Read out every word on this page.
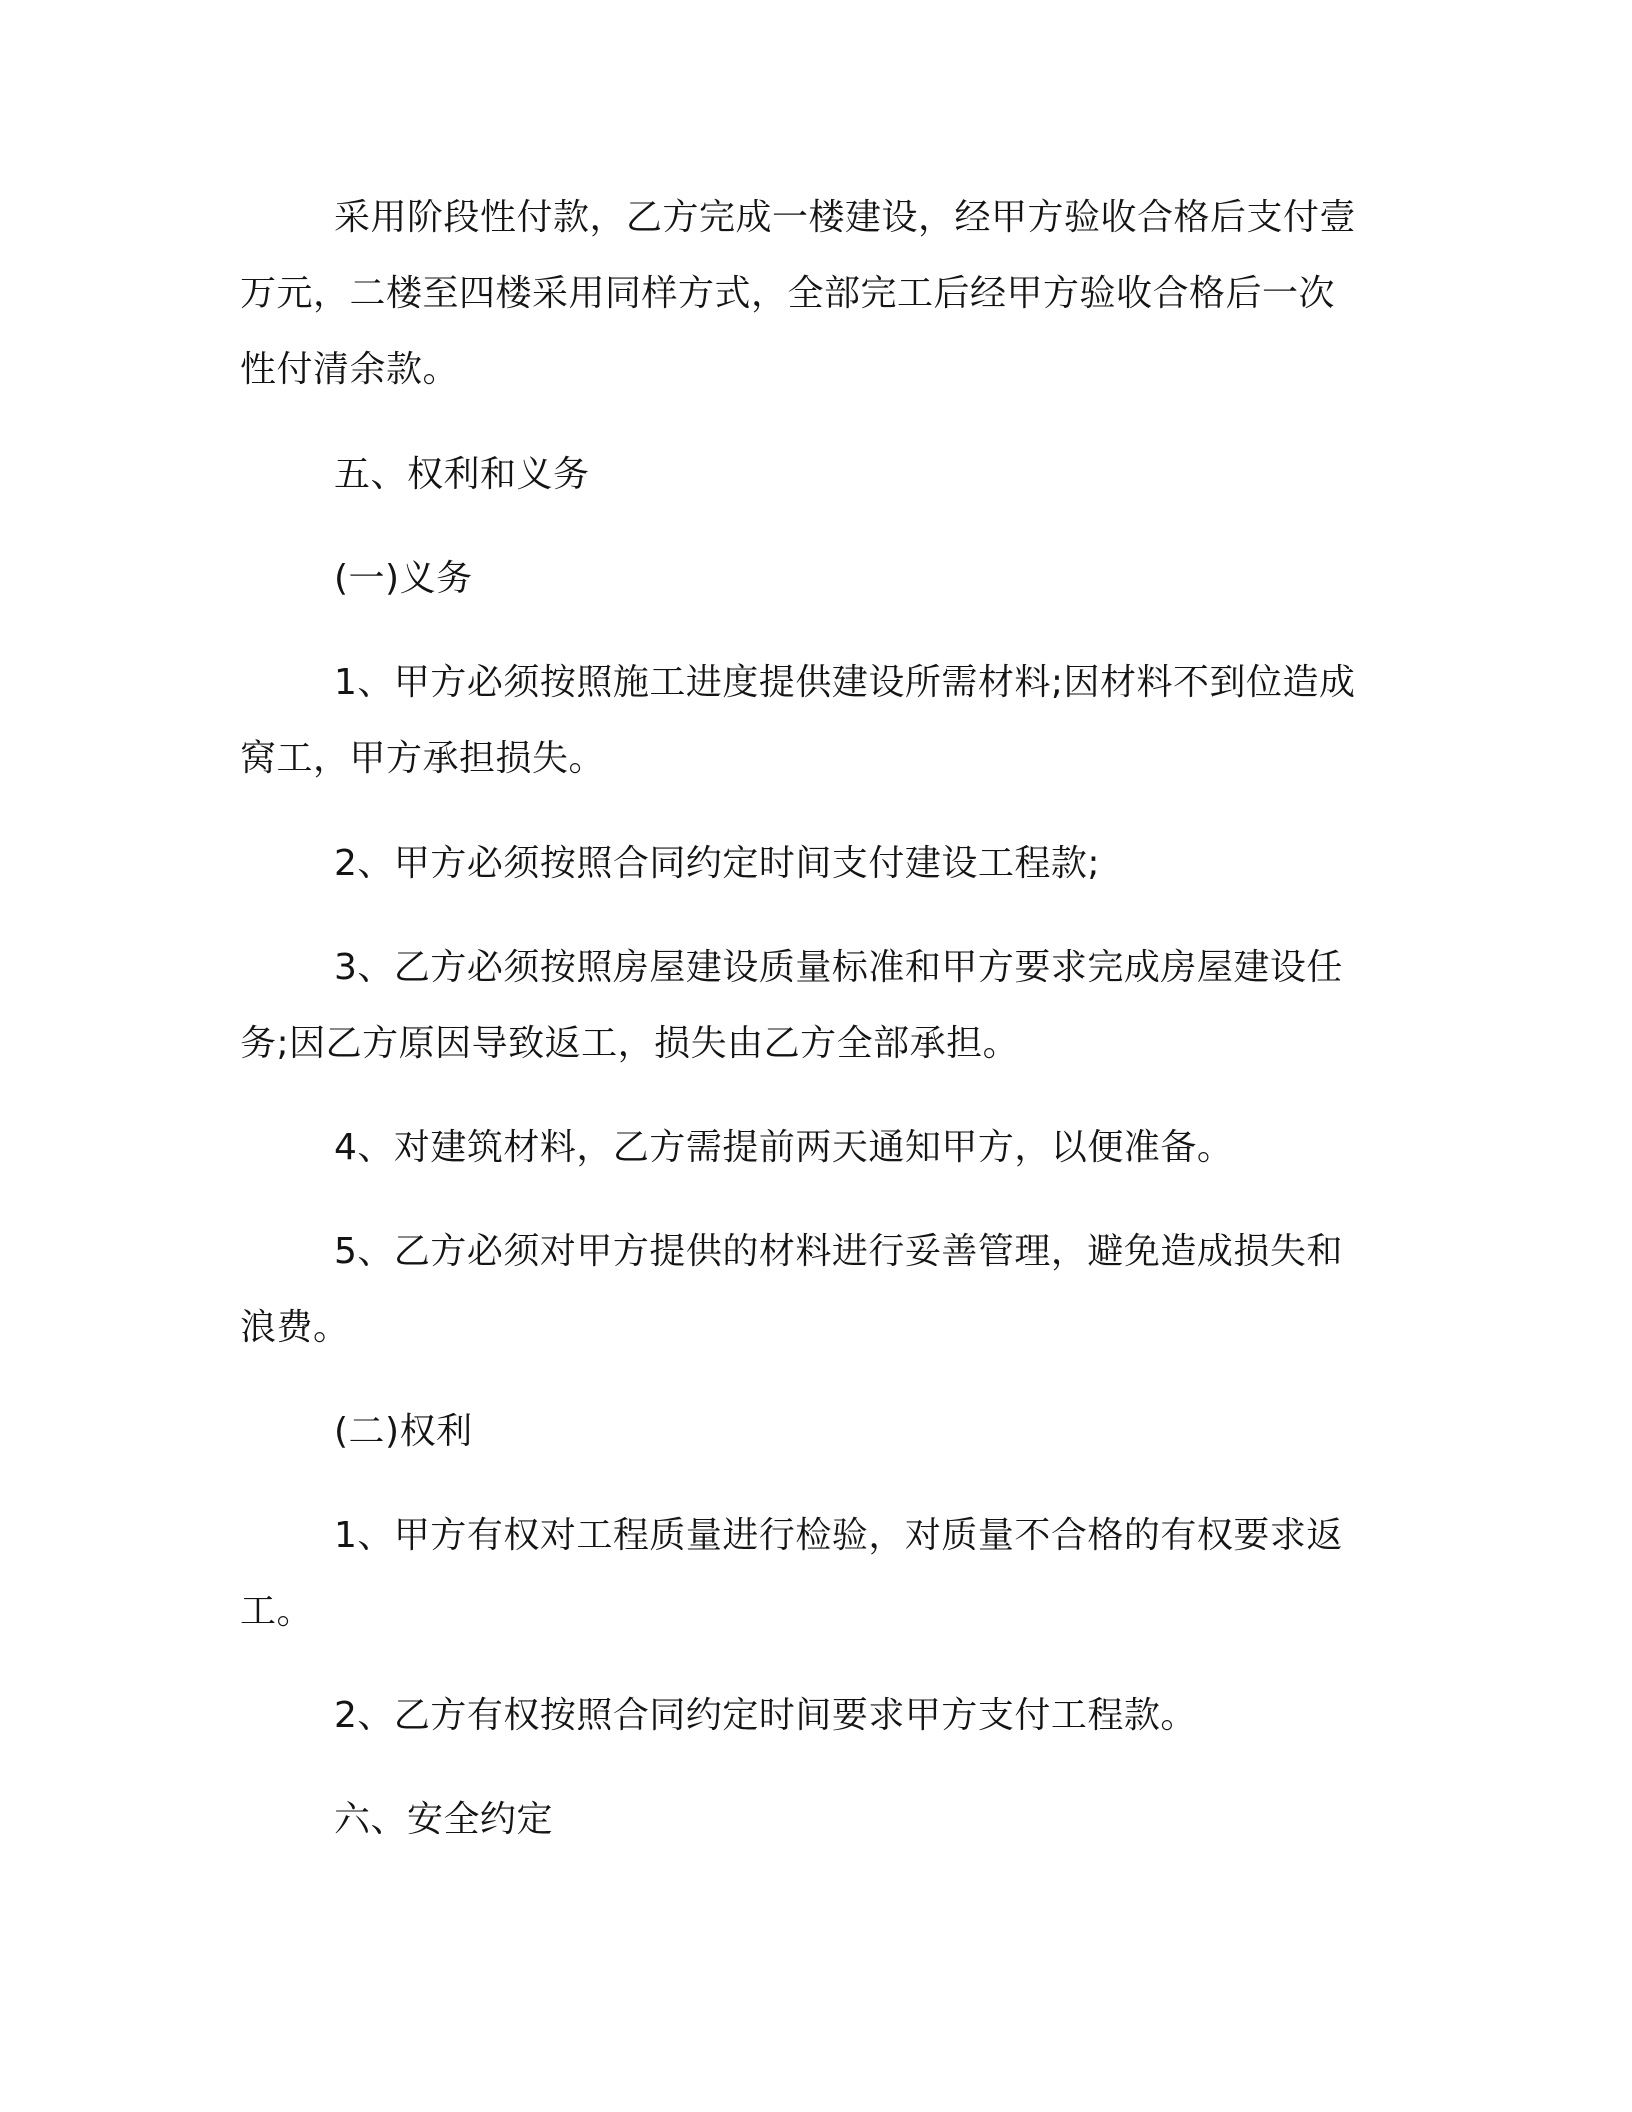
采用阶段性付款，乙方完成一楼建设，经甲方验收合格后支付壹

万元，二楼至四楼采用同样方式，全部完工后经甲方验收合格后一次

性付清余款。

五、权利和义务

(一)义务

1、甲方必须按照施工进度提供建设所需材料;因材料不到位造成

窝工，甲方承担损失。

2、甲方必须按照合同约定时间支付建设工程款;

3、乙方必须按照房屋建设质量标准和甲方要求完成房屋建设任

务;因乙方原因导致返工，损失由乙方全部承担。

4、对建筑材料，乙方需提前两天通知甲方，以便准备。

5、乙方必须对甲方提供的材料进行妥善管理，避免造成损失和

浪费。

(二)权利

1、甲方有权对工程质量进行检验，对质量不合格的有权要求返

工。

2、乙方有权按照合同约定时间要求甲方支付工程款。

六、安全约定
